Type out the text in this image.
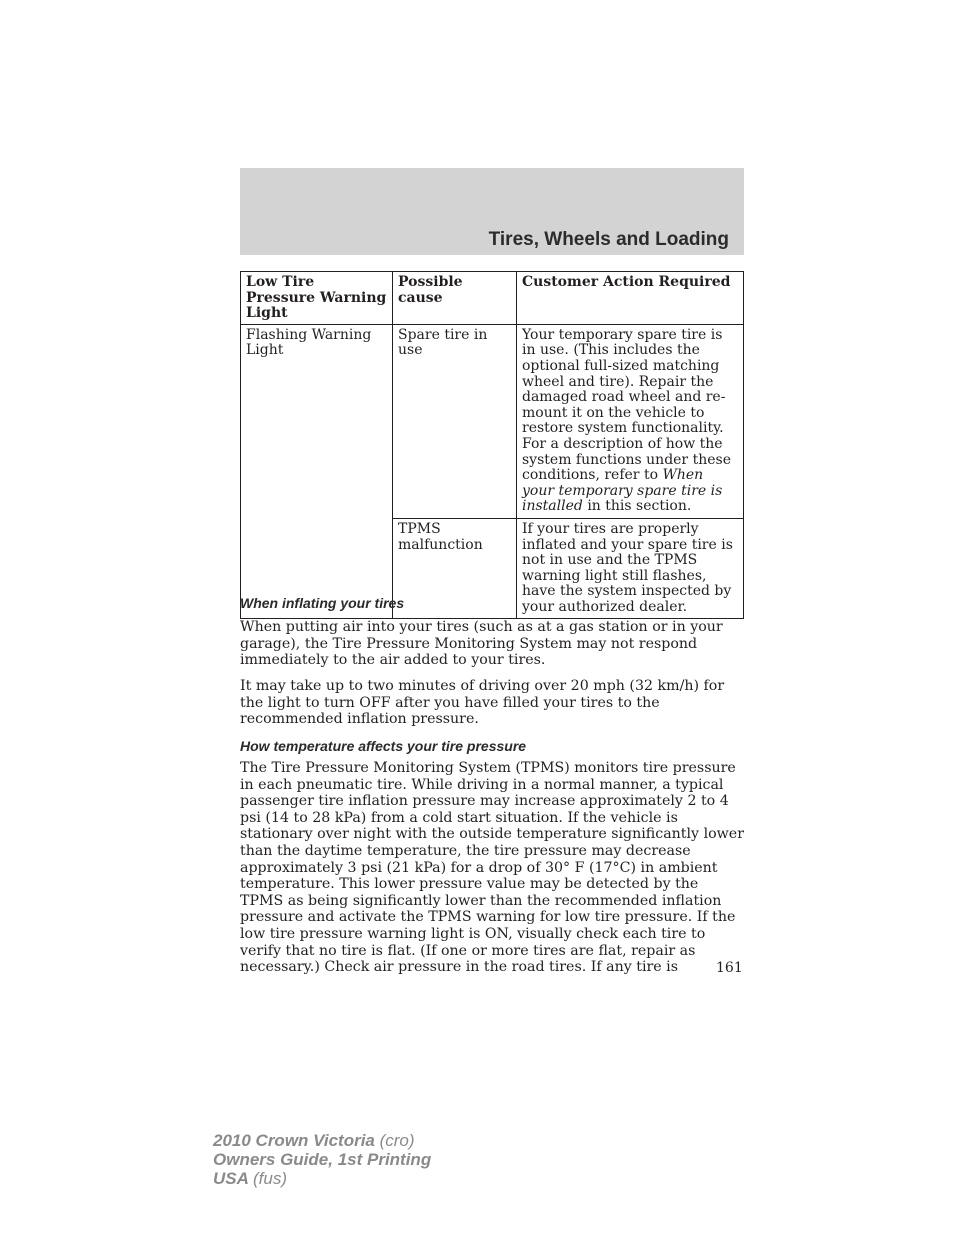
Tires, Wheels and Loading
Low Tire Pressure Warning Light	Possible cause	Customer Action Required
Flashing Warning Light	Spare tire in use	Your temporary spare tire is in use. (This includes the optional full-sized matching wheel and tire). Repair the damaged road wheel and re-mount it on the vehicle to restore system functionality. For a description of how the system functions under these conditions, refer to When your temporary spare tire is installed in this section.
	TPMS malfunction	If your tires are properly inflated and your spare tire is not in use and the TPMS warning light still flashes, have the system inspected by your authorized dealer.
When inflating your tires

When putting air into your tires (such as at a gas station or in your garage), the Tire Pressure Monitoring System may not respond immediately to the air added to your tires.

It may take up to two minutes of driving over 20 mph (32 km/h) for the light to turn OFF after you have filled your tires to the recommended inflation pressure.

How temperature affects your tire pressure

The Tire Pressure Monitoring System (TPMS) monitors tire pressure in each pneumatic tire. While driving in a normal manner, a typical passenger tire inflation pressure may increase approximately 2 to 4 psi (14 to 28 kPa) from a cold start situation. If the vehicle is stationary over night with the outside temperature significantly lower than the daytime temperature, the tire pressure may decrease approximately 3 psi (21 kPa) for a drop of 30° F (17°C) in ambient temperature. This lower pressure value may be detected by the TPMS as being significantly lower than the recommended inflation pressure and activate the TPMS warning for low tire pressure. If the low tire pressure warning light is ON, visually check each tire to verify that no tire is flat. (If one or more tires are flat, repair as necessary.) Check air pressure in the road tires. If any tire is	161
2010 Crown Victoria (cro)
Owners Guide, 1st Printing
USA (fus)
